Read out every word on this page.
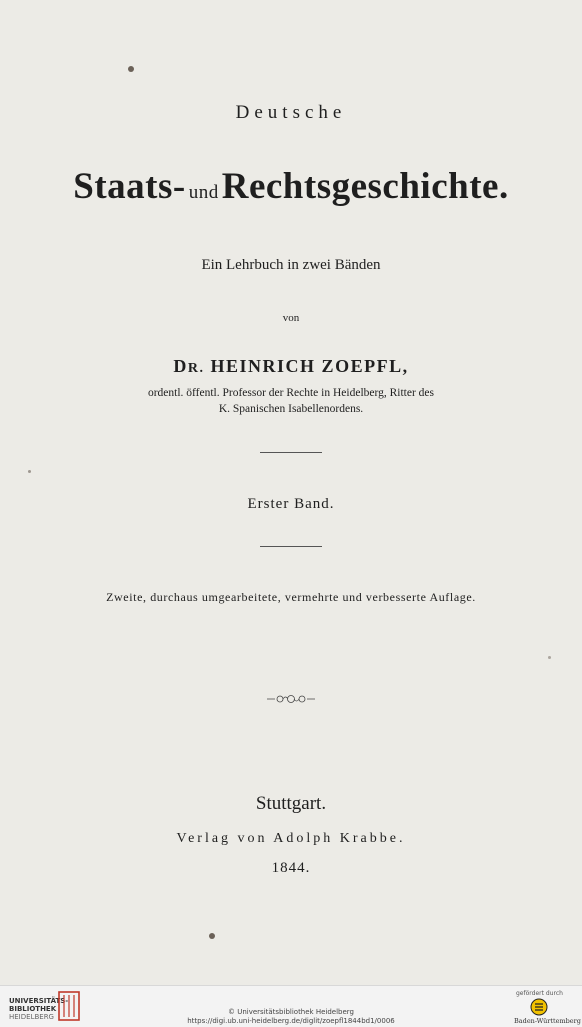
Deutsche
Staats- undRechtsgeschichte.
Ein Lehrbuch in zwei Bänden
von
DR. HEINRICH ZOEPFL,
ordentl. öffentl. Professor der Rechte in Heidelberg, Ritter des
K. Spanischen Isabellenordens.
Erster Band.
Zweite, durchaus umgearbeitete, vermehrte und verbesserte Auflage.
Stuttgart.
Verlag von Adolph Krabbe.
1844.
UNIVERSITÄTS-
BIBLIOTHEK
HEIDELBERG
© Universitätsbibliothek Heidelberg
https://digi.ub.uni-heidelberg.de/diglit/zoepfl1844bd1/0006
gefördert durch
Baden-Württemberg
